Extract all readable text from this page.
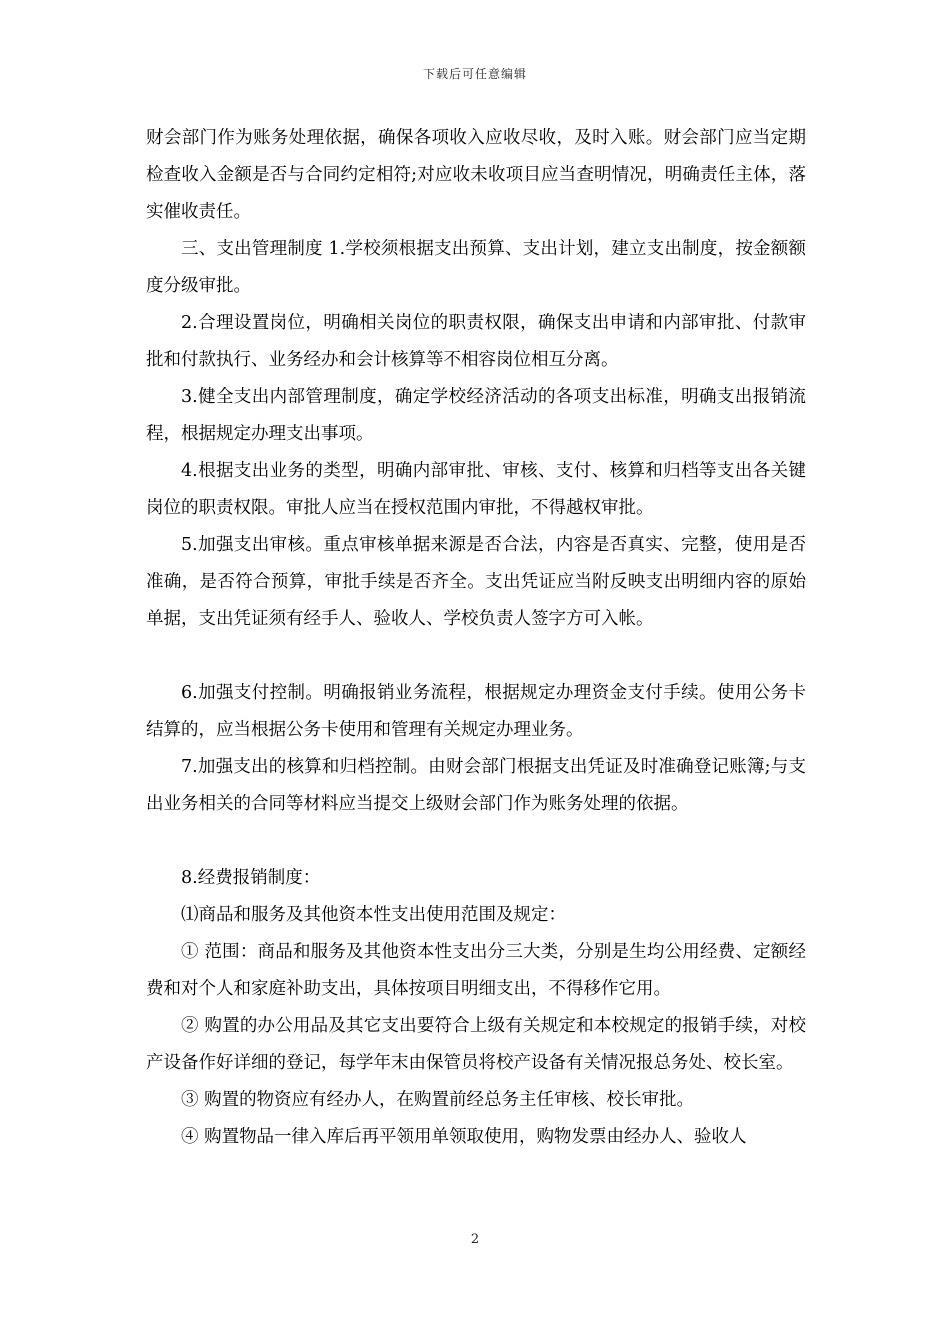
下载后可任意编辑

财会部门作为账务处理依据，确保各项收入应收尽收，及时入账。财会部门应当定期检查收入金额是否与合同约定相符;对应收未收项目应当查明情况，明确责任主体，落实催收责任。

三、支出管理制度 1.学校须根据支出预算、支出计划，建立支出制度，按金额额度分级审批。

2.合理设置岗位，明确相关岗位的职责权限，确保支出申请和内部审批、付款审批和付款执行、业务经办和会计核算等不相容岗位相互分离。

3.健全支出内部管理制度，确定学校经济活动的各项支出标准，明确支出报销流程，根据规定办理支出事项。

4.根据支出业务的类型，明确内部审批、审核、支付、核算和归档等支出各关键岗位的职责权限。审批人应当在授权范围内审批，不得越权审批。

5.加强支出审核。重点审核单据来源是否合法，内容是否真实、完整，使用是否准确，是否符合预算，审批手续是否齐全。支出凭证应当附反映支出明细内容的原始单据，支出凭证须有经手人、验收人、学校负责人签字方可入帐。

6.加强支付控制。明确报销业务流程，根据规定办理资金支付手续。使用公务卡结算的，应当根据公务卡使用和管理有关规定办理业务。

7.加强支出的核算和归档控制。由财会部门根据支出凭证及时准确登记账簿;与支出业务相关的合同等材料应当提交上级财会部门作为账务处理的依据。

8.经费报销制度：

⑴商品和服务及其他资本性支出使用范围及规定：

① 范围：商品和服务及其他资本性支出分三大类，分别是生均公用经费、定额经费和对个人和家庭补助支出，具体按项目明细支出，不得移作它用。

② 购置的办公用品及其它支出要符合上级有关规定和本校规定的报销手续，对校产设备作好详细的登记，每学年末由保管员将校产设备有关情况报总务处、校长室。

③ 购置的物资应有经办人，在购置前经总务主任审核、校长审批。

④ 购置物品一律入库后再平领用单领取使用，购物发票由经办人、验收人

2
